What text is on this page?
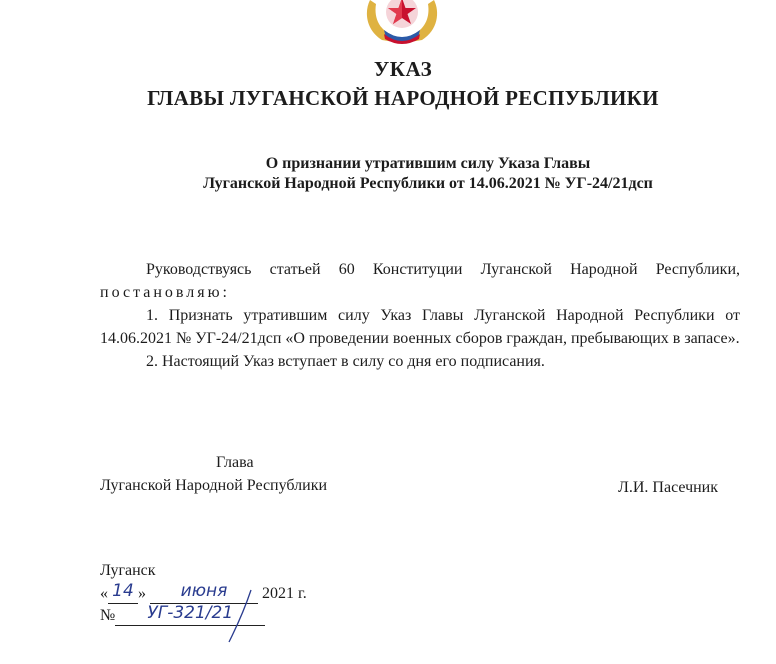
УКАЗ
ГЛАВЫ ЛУГАНСКОЙ НАРОДНОЙ РЕСПУБЛИКИ
О признании утратившим силу Указа Главы
Луганской Народной Республики от 14.06.2021 № УГ-24/21дсп

Руководствуясь статьей 60 Конституции Луганской Народной Республики, постановляю:

1. Признать утратившим силу Указ Главы Луганской Народной Республики от 14.06.2021 № УГ-24/21дсп «О проведении военных сборов граждан, пребывающих в запасе».

2. Настоящий Указ вступает в силу со дня его подписания.

Глава
Луганской Народной Республики	Л.И. Пасечник
Луганск
« 14 » июня 2021 г.
№ УГ-321/21
